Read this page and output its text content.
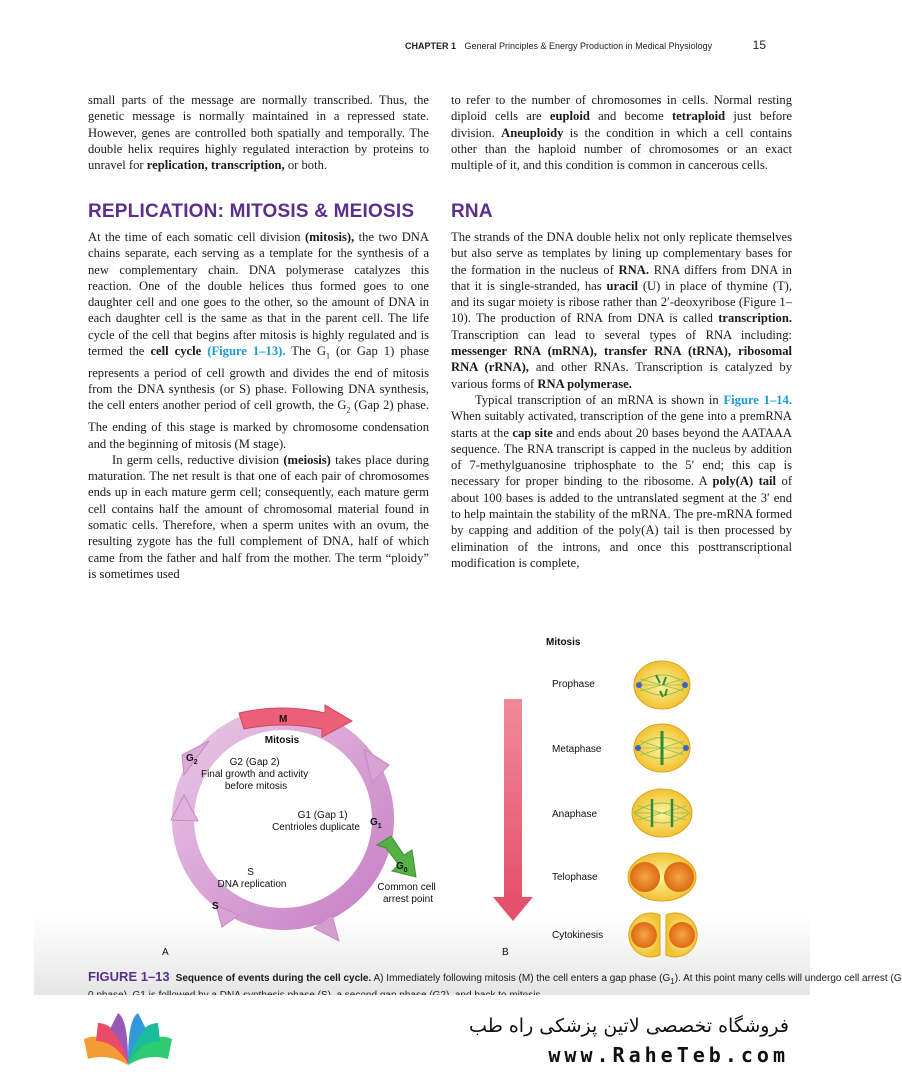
CHAPTER 1 General Principles & Energy Production in Medical Physiology	15

small parts of the message are normally transcribed. Thus, the genetic message is normally maintained in a repressed state. However, genes are controlled both spatially and temporally. The double helix requires highly regulated interaction by proteins to unravel for replication, transcription, or both.

REPLICATION: MITOSIS & MEIOSIS

At the time of each somatic cell division (mitosis), the two DNA chains separate, each serving as a template for the synthesis of a new complementary chain. DNA polymerase catalyzes this reaction. One of the double helices thus formed goes to one daughter cell and one goes to the other, so the amount of DNA in each daughter cell is the same as that in the parent cell. The life cycle of the cell that begins after mitosis is highly regulated and is termed the cell cycle (Figure 1–13). The $G_1$ (or Gap 1) phase represents a period of cell growth and divides the end of mitosis from the DNA synthesis (or S) phase. Following DNA synthesis, the cell enters another period of cell growth, the $G_2$ (Gap 2) phase. The ending of this stage is marked by chromosome condensation and the beginning of mitosis (M stage).

In germ cells, reductive division (meiosis) takes place during maturation. The net result is that one of each pair of chromosomes ends up in each mature germ cell; consequently, each mature germ cell contains half the amount of chromosomal material found in somatic cells. Therefore, when a sperm unites with an ovum, the resulting zygote has the full complement of DNA, half of which came from the father and half from the mother. The term “ploidy” is sometimes used

to refer to the number of chromosomes in cells. Normal resting diploid cells are euploid and become tetraploid just before division. Aneuploidy is the condition in which a cell contains other than the haploid number of chromosomes or an exact multiple of it, and this condition is common in cancerous cells.

RNA

The strands of the DNA double helix not only replicate themselves but also serve as templates by lining up complementary bases for the formation in the nucleus of RNA. RNA differs from DNA in that it is single-stranded, has uracil (U) in place of thymine (T), and its sugar moiety is ribose rather than 2′-deoxyribose (Figure 1–10). The production of RNA from DNA is called transcription. Transcription can lead to several types of RNA including: messenger RNA (mRNA), transfer RNA (tRNA), ribosomal RNA (rRNA), and other RNAs. Transcription is catalyzed by various forms of RNA polymerase.

Typical transcription of an mRNA is shown in Figure 1–14. When suitably activated, transcription of the gene into a premRNA starts at the cap site and ends about 20 bases beyond the AATAAA sequence. The RNA transcript is capped in the nucleus by addition of 7-methylguanosine triphosphate to the 5′ end; this cap is necessary for proper binding to the ribosome. A poly(A) tail of about 100 bases is added to the untranslated segment at the 3′ end to help maintain the stability of the mRNA. The pre-mRNA formed by capping and addition of the poly(A) tail is then processed by elimination of the introns, and once this posttranscriptional modification is complete,

M
Mitosis
$G_2$	G2 (Gap 2) Final growth and activity before mitosis
G1 (Gap 1) Centrioles duplicate $G_1$
S DNA replication
S
$G_0$
Common cell arrest point
A
Mitosis
Prophase
Metaphase
Anaphase
Telophase
Cytokinesis
B
FIGURE 1–13 Sequence of events during the cell cycle. A) Immediately following mitosis (M) the cell enters a gap phase $(G_1)$. At this point many cells will undergo cell arrest (G
فروشگاه تخصصی لاتین پزشکی راه طب
www.RaheTeb.com
